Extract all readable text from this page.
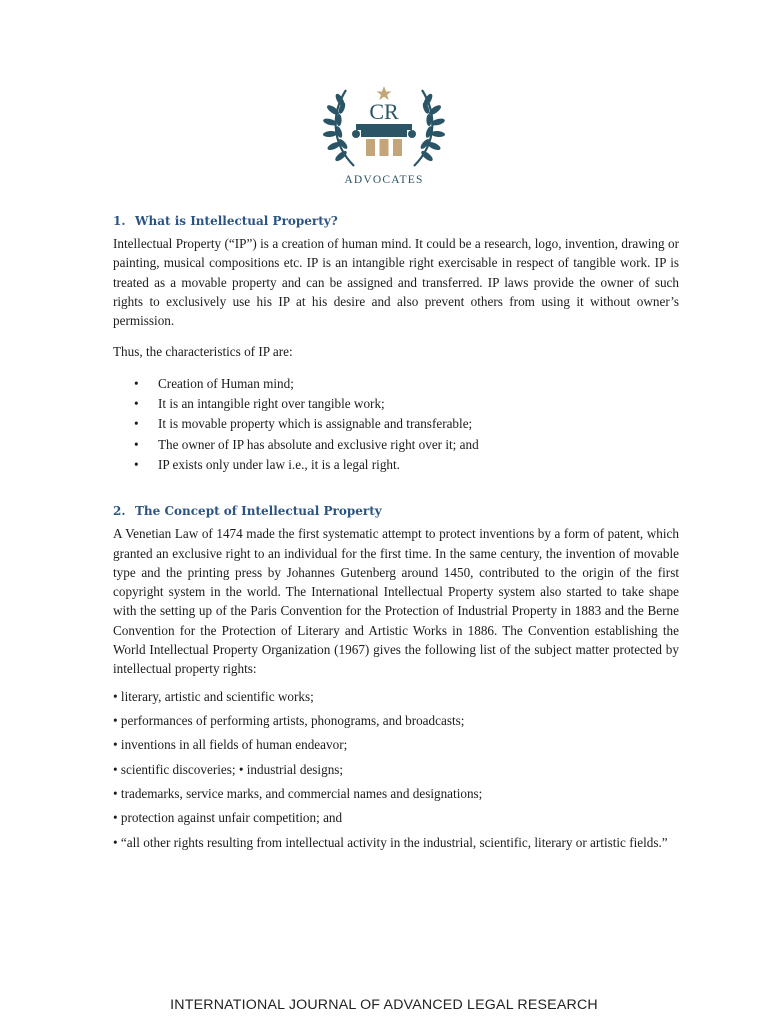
CR
ADVOCATES
1. What is Intellectual Property?

Intellectual Property (“IP”) is a creation of human mind. It could be a research, logo, invention, drawing or painting, musical compositions etc. IP is an intangible right exercisable in respect of tangible work. IP is treated as a movable property and can be assigned and transferred. IP laws provide the owner of such rights to exclusively use his IP at his desire and also prevent others from using it without owner’s permission.

Thus, the characteristics of IP are:

• Creation of Human mind;
• It is an intangible right over tangible work;
• It is movable property which is assignable and transferable;
• The owner of IP has absolute and exclusive right over it; and
• IP exists only under law i.e., it is a legal right.
2. The Concept of Intellectual Property

A Venetian Law of 1474 made the first systematic attempt to protect inventions by a form of patent, which granted an exclusive right to an individual for the first time. In the same century, the invention of movable type and the printing press by Johannes Gutenberg around 1450, contributed to the origin of the first copyright system in the world. The International Intellectual Property system also started to take shape with the setting up of the Paris Convention for the Protection of Industrial Property in 1883 and the Berne Convention for the Protection of Literary and Artistic Works in 1886. The Convention establishing the World Intellectual Property Organization (1967) gives the following list of the subject matter protected by intellectual property rights:

• literary, artistic and scientific works;
• performances of performing artists, phonograms, and broadcasts;
• inventions in all fields of human endeavor;
• scientific discoveries; • industrial designs;
• trademarks, service marks, and commercial names and designations;
• protection against unfair competition; and
• “all other rights resulting from intellectual activity in the industrial, scientific, literary or artistic fields.”
INTERNATIONAL JOURNAL OF ADVANCED LEGAL RESEARCH
